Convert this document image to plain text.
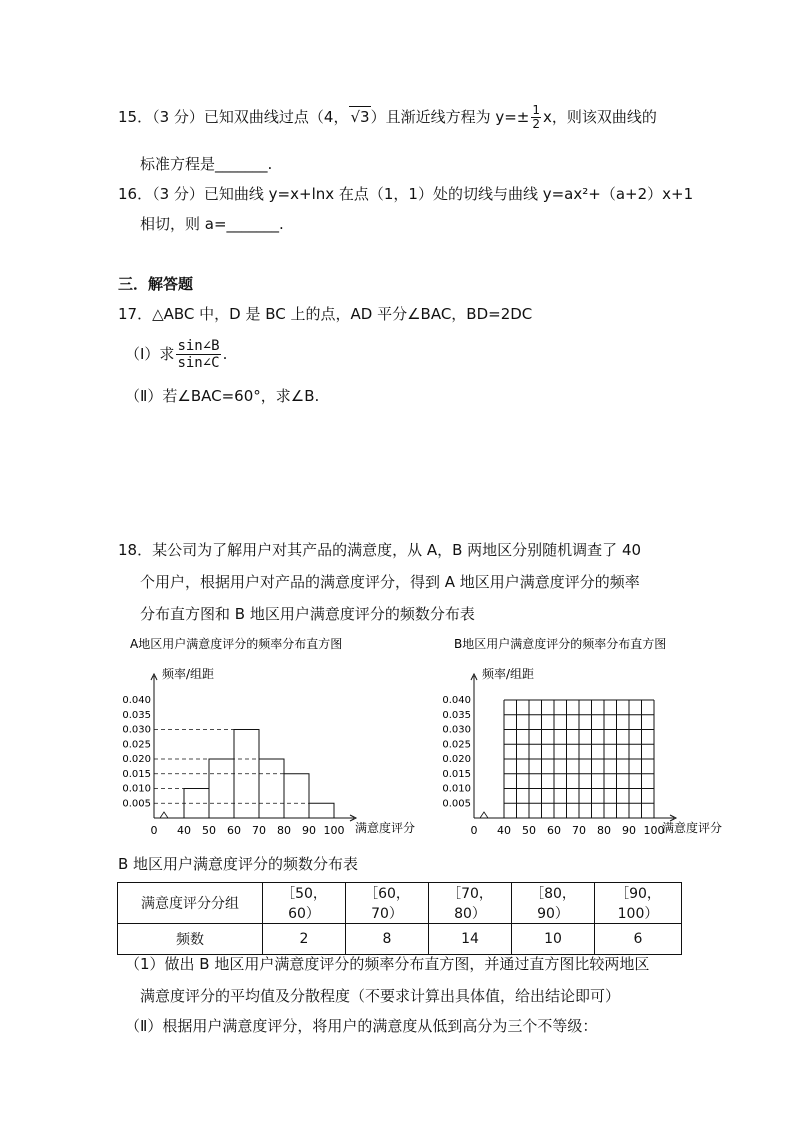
15．（3 分）已知双曲线过点（4， √3）且渐近线方程为 $y=\pm \frac{1}{2}$ x，则该双曲线的
标准方程是_______.
16．（3 分）已知曲线 y=x+lnx 在点（1，1）处的切线与曲线 y=ax²+（a+2）x+1
相切，则 a=_______.
三．解答题
17．△ABC 中，D 是 BC 上的点，AD 平分∠BAC，BD=2DC
（Ⅰ）求 $\frac{\sin\angle B}{\sin\angle C}$ .
（Ⅱ）若∠BAC=60°，求∠B.
18．某公司为了解用户对其产品的满意度，从 A，B 两地区分别随机调查了 40
个用户，根据用户对产品的满意度评分，得到 A 地区用户满意度评分的频率
分布直方图和 B 地区用户满意度评分的频数分布表
A地区用户满意度评分的频率分布直方图
频率/组距
0.005
0.010
0.015
0.020
0.025
0.030
0.035
0.040
0 40 50 60 70 80 90 100 满意度评分
B地区用户满意度评分的频率分布直方图
频率/组距
0.040
0.035
0.030
0.025
0.020
0.015
0.010
0.005
0 40 50 60 70 80 90 100
满意度评分
B 地区用户满意度评分的频数分布表
满意度评分分组	［50，60）	［60，70）	［70，80）	［80，90）	［90，100）
频数	2	8	14	10	6
（1）做出 B 地区用户满意度评分的频率分布直方图，并通过直方图比较两地区
满意度评分的平均值及分散程度（不要求计算出具体值，给出结论即可）
（Ⅱ）根据用户满意度评分，将用户的满意度从低到高分为三个不等级：
